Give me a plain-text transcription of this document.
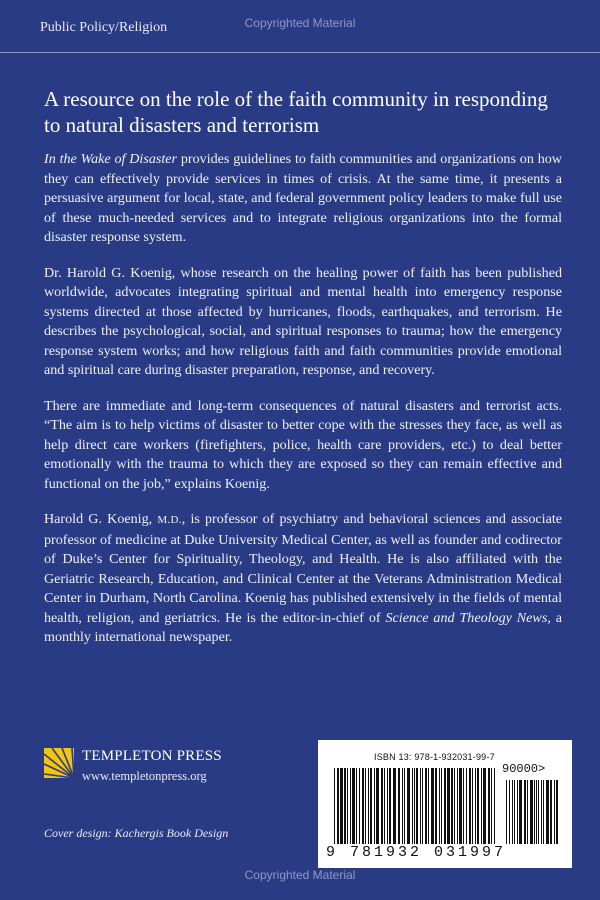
Copyrighted Material
Public Policy/Religion
A resource on the role of the faith community in responding to natural disasters and terrorism

In the Wake of Disaster provides guidelines to faith communities and organizations on how they can effectively provide services in times of crisis. At the same time, it presents a persuasive argument for local, state, and federal government policy leaders to make full use of these much-needed services and to integrate religious organizations into the formal disaster response system.

Dr. Harold G. Koenig, whose research on the healing power of faith has been published worldwide, advocates integrating spiritual and mental health into emergency response systems directed at those affected by hurricanes, floods, earthquakes, and terrorism. He describes the psychological, social, and spiritual responses to trauma; how the emergency response system works; and how religious faith and faith communities provide emotional and spiritual care during disaster preparation, response, and recovery.

There are immediate and long-term consequences of natural disasters and terrorist acts. “The aim is to help victims of disaster to better cope with the stresses they face, as well as help direct care workers (firefighters, police, health care providers, etc.) to deal better emotionally with the trauma to which they are exposed so they can remain effective and functional on the job,” explains Koenig.

Harold G. Koenig, M.D., is professor of psychiatry and behavioral sciences and associate professor of medicine at Duke University Medical Center, as well as founder and codirector of Duke’s Center for Spirituality, Theology, and Health. He is also affiliated with the Geriatric Research, Education, and Clinical Center at the Veterans Administration Medical Center in Durham, North Carolina. Koenig has published extensively in the fields of mental health, religion, and geriatrics. He is the editor-in-chief of Science and Theology News, a monthly international newspaper.

TEMPLETON PRESS
www.templetonpress.org
Cover design: Kachergis Book Design
ISBN 13: 978-1-932031-99-7
90000>
9 781932 031997
Copyrighted Material
